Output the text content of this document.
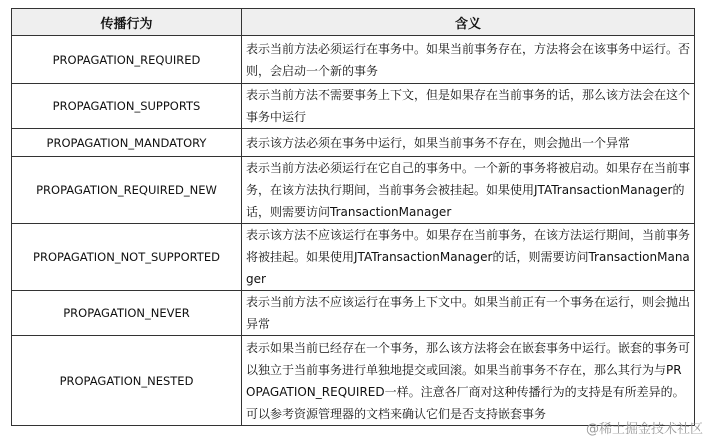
传播行为	含义
PROPAGATION_REQUIRED	表示当前方法必须运行在事务中。如果当前事务存在，方法将会在该事务中运行。否则，会启动一个新的事务
PROPAGATION_SUPPORTS	表示当前方法不需要事务上下文，但是如果存在当前事务的话，那么该方法会在这个事务中运行
PROPAGATION_MANDATORY	表示该方法必须在事务中运行，如果当前事务不存在，则会抛出一个异常
PROPAGATION_REQUIRED_NEW	表示当前方法必须运行在它自己的事务中。一个新的事务将被启动。如果存在当前事务，在该方法执行期间，当前事务会被挂起。如果使用JTATransactionManager的话，则需要访问TransactionManager
PROPAGATION_NOT_SUPPORTED	表示该方法不应该运行在事务中。如果存在当前事务，在该方法运行期间，当前事务将被挂起。如果使用JTATransactionManager的话，则需要访问TransactionManager
PROPAGATION_NEVER	表示当前方法不应该运行在事务上下文中。如果当前正有一个事务在运行，则会抛出异常
PROPAGATION_NESTED	表示如果当前已经存在一个事务，那么该方法将会在嵌套事务中运行。嵌套的事务可以独立于当前事务进行单独地提交或回滚。如果当前事务不存在，那么其行为与PROPAGATION_REQUIRED一样。注意各厂商对这种传播行为的支持是有所差异的。可以参考资源管理器的文档来确认它们是否支持嵌套事务
@稀土掘金技术社区
